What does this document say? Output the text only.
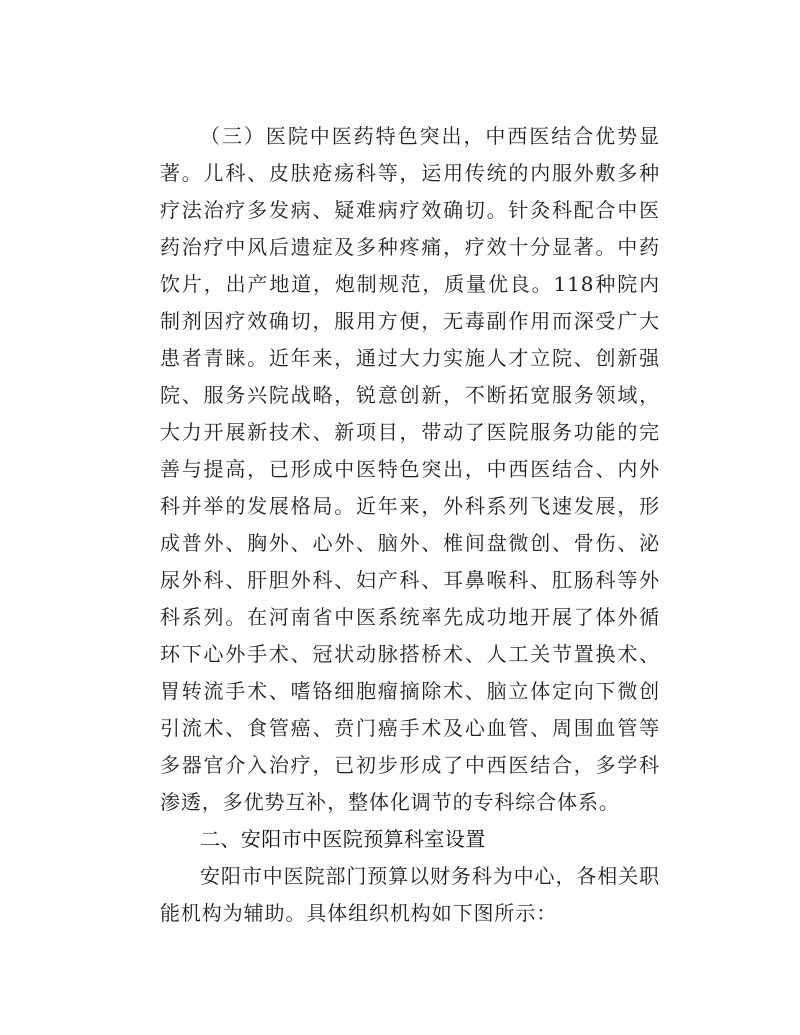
（三）医院中医药特色突出，中西医结合优势显著。儿科、皮肤疮疡科等，运用传统的内服外敷多种疗法治疗多发病、疑难病疗效确切。针灸科配合中医药治疗中风后遗症及多种疼痛，疗效十分显著。中药饮片，出产地道，炮制规范，质量优良。118种院内制剂因疗效确切，服用方便，无毒副作用而深受广大患者青睐。近年来，通过大力实施人才立院、创新强院、服务兴院战略，锐意创新，不断拓宽服务领域，大力开展新技术、新项目，带动了医院服务功能的完善与提高，已形成中医特色突出，中西医结合、内外科并举的发展格局。近年来，外科系列飞速发展，形成普外、胸外、心外、脑外、椎间盘微创、骨伤、泌尿外科、肝胆外科、妇产科、耳鼻喉科、肛肠科等外科系列。在河南省中医系统率先成功地开展了体外循环下心外手术、冠状动脉搭桥术、人工关节置换术、胃转流手术、嗜铬细胞瘤摘除术、脑立体定向下微创引流术、食管癌、贲门癌手术及心血管、周围血管等多器官介入治疗，已初步形成了中西医结合，多学科渗透，多优势互补，整体化调节的专科综合体系。

二、安阳市中医院预算科室设置

安阳市中医院部门预算以财务科为中心，各相关职能机构为辅助。具体组织机构如下图所示：
